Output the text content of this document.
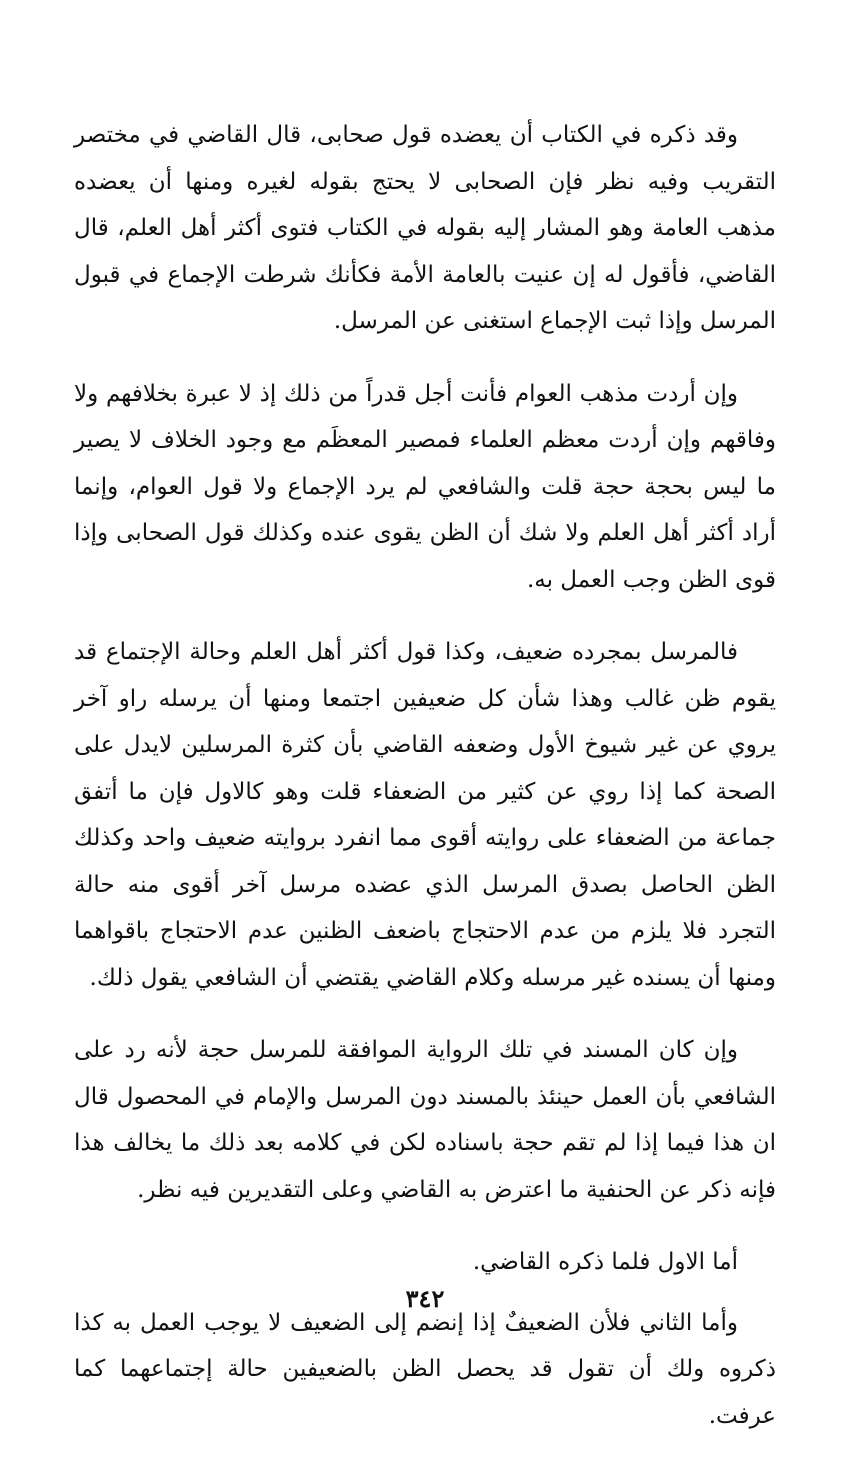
وقد ذكره في الكتاب أن يعضده قول صحابى، قال القاضي في مختصر التقريب وفيه نظر فإن الصحابى لا يحتج بقوله لغيره ومنها أن يعضده مذهب العامة وهو المشار إليه بقوله في الكتاب فتوى أكثر أهل العلم، قال القاضي، فأقول له إن عنيت بالعامة الأمة فكأنك شرطت الإجماع في قبول المرسل وإذا ثبت الإجماع استغنى عن المرسل.

وإن أردت مذهب العوام فأنت أجل قدراً من ذلك إذ لا عبرة بخلافهم ولا وفاقهم وإن أردت معظم العلماء فمصير المعظَم مع وجود الخلاف لا يصير ما ليس بحجة حجة قلت والشافعي لم يرد الإجماع ولا قول العوام، وإنما أراد أكثر أهل العلم ولا شك أن الظن يقوى عنده وكذلك قول الصحابى وإذا قوى الظن وجب العمل به.

فالمرسل بمجرده ضعيف، وكذا قول أكثر أهل العلم وحالة الإجتماع قد يقوم ظن غالب وهذا شأن كل ضعيفين اجتمعا ومنها أن يرسله راو آخر يروي عن غير شيوخ الأول وضعفه القاضي بأن كثرة المرسلين لايدل على الصحة كما إذا روي عن كثير من الضعفاء قلت وهو كالاول فإن ما أتفق جماعة من الضعفاء على روايته أقوى مما انفرد بروايته ضعيف واحد وكذلك الظن الحاصل بصدق المرسل الذي عضده مرسل آخر أقوى منه حالة التجرد فلا يلزم من عدم الاحتجاج باضعف الظنين عدم الاحتجاج باقواهما ومنها أن يسنده غير مرسله وكلام القاضي يقتضي أن الشافعي يقول ذلك.

وإن كان المسند في تلك الرواية الموافقة للمرسل حجة لأنه رد على الشافعي بأن العمل حينئذ بالمسند دون المرسل والإمام في المحصول قال ان هذا فيما إذا لم تقم حجة باسناده لكن في كلامه بعد ذلك ما يخالف هذا فإنه ذكر عن الحنفية ما اعترض به القاضي وعلى التقديرين فيه نظر.

أما الاول فلما ذكره القاضي.

وأما الثاني فلأن الضعيفٌ إذا إنضم إلى الضعيف لا يوجب العمل به كذا ذكروه ولك أن تقول قد يحصل الظن بالضعيفين حالة إجتماعهما كما عرفت.

٣٤٢
